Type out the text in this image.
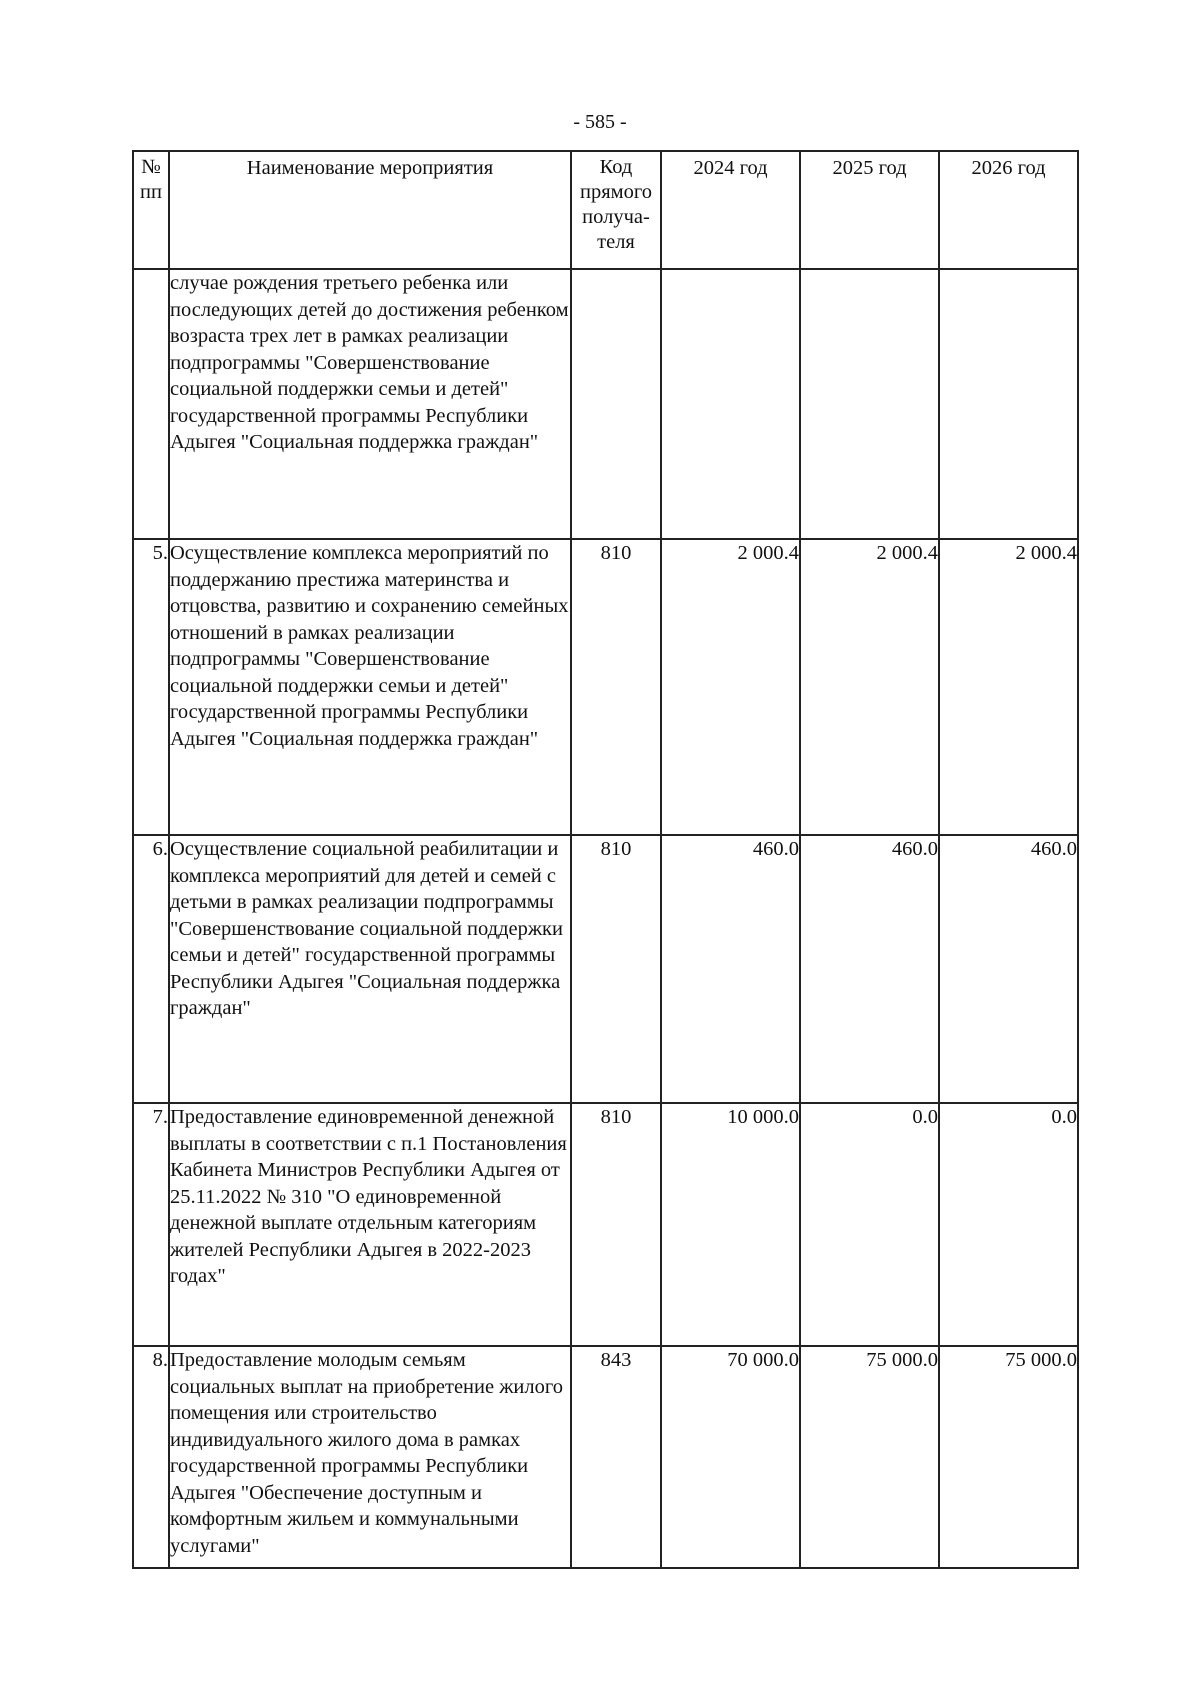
- 585 -
№ пп	Наименование мероприятия	Код прямого получа-теля	2024 год	2025 год	2026 год
	случае рождения третьего ребенка или последующих детей до достижения ребенком возраста трех лет в рамках реализации подпрограммы "Совершенствование социальной поддержки семьи и детей" государственной программы Республики Адыгея "Социальная поддержка граждан"				
5.	Осуществление комплекса мероприятий по поддержанию престижа материнства и отцовства, развитию и сохранению семейных отношений в рамках реализации подпрограммы "Совершенствование социальной поддержки семьи и детей" государственной программы Республики Адыгея "Социальная поддержка граждан"	810	2 000.4	2 000.4	2 000.4
6.	Осуществление социальной реабилитации и комплекса мероприятий для детей и семей с детьми в рамках реализации подпрограммы "Совершенствование социальной поддержки семьи и детей" государственной программы Республики Адыгея "Социальная поддержка граждан"	810	460.0	460.0	460.0
7.	Предоставление единовременной денежной выплаты в соответствии с п.1 Постановления Кабинета Министров Республики Адыгея от 25.11.2022 № 310 "О единовременной денежной выплате отдельным категориям жителей Республики Адыгея в 2022-2023 годах"	810	10 000.0	0.0	0.0
8.	Предоставление молодым семьям социальных выплат на приобретение жилого помещения или строительство индивидуального жилого дома в рамках государственной программы Республики Адыгея "Обеспечение доступным и комфортным жильем и коммунальными услугами"	843	70 000.0	75 000.0	75 000.0
